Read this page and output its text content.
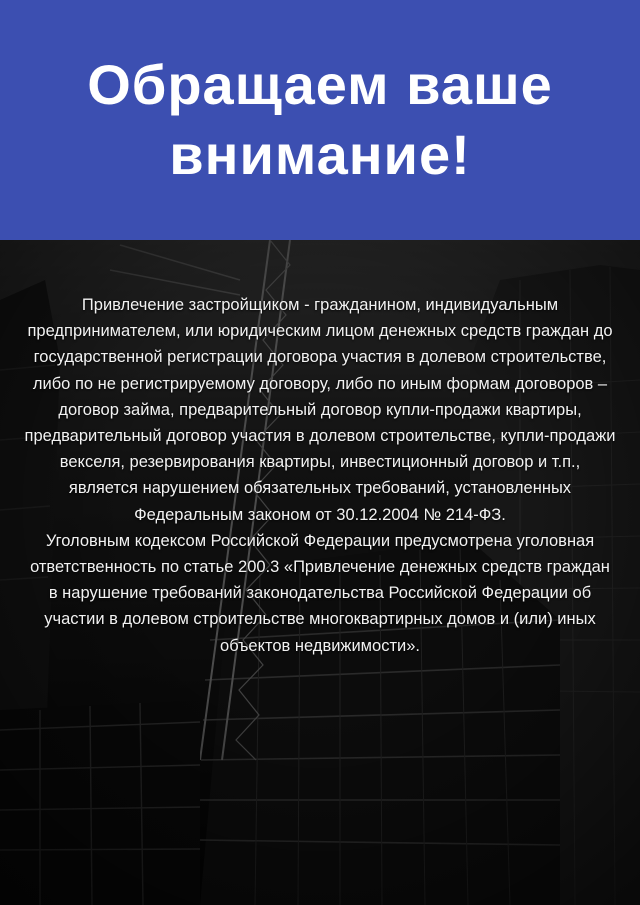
Обращаем ваше
внимание!

Привлечение застройщиком - гражданином, индивидуальным предпринимателем, или юридическим лицом денежных средств граждан до государственной регистрации договора участия в долевом строительстве, либо по не регистрируемому договору, либо по иным формам договоров – договор займа, предварительный договор купли-продажи квартиры, предварительный договор участия в долевом строительстве, купли-продажи векселя, резервирования квартиры, инвестиционный договор и т.п., является нарушением обязательных требований, установленных Федеральным законом от 30.12.2004 № 214-ФЗ.

Уголовным кодексом Российской Федерации предусмотрена уголовная ответственность по статье 200.3 «Привлечение денежных средств граждан в нарушение требований законодательства Российской Федерации об участии в долевом строительстве многоквартирных домов и (или) иных объектов недвижимости».
